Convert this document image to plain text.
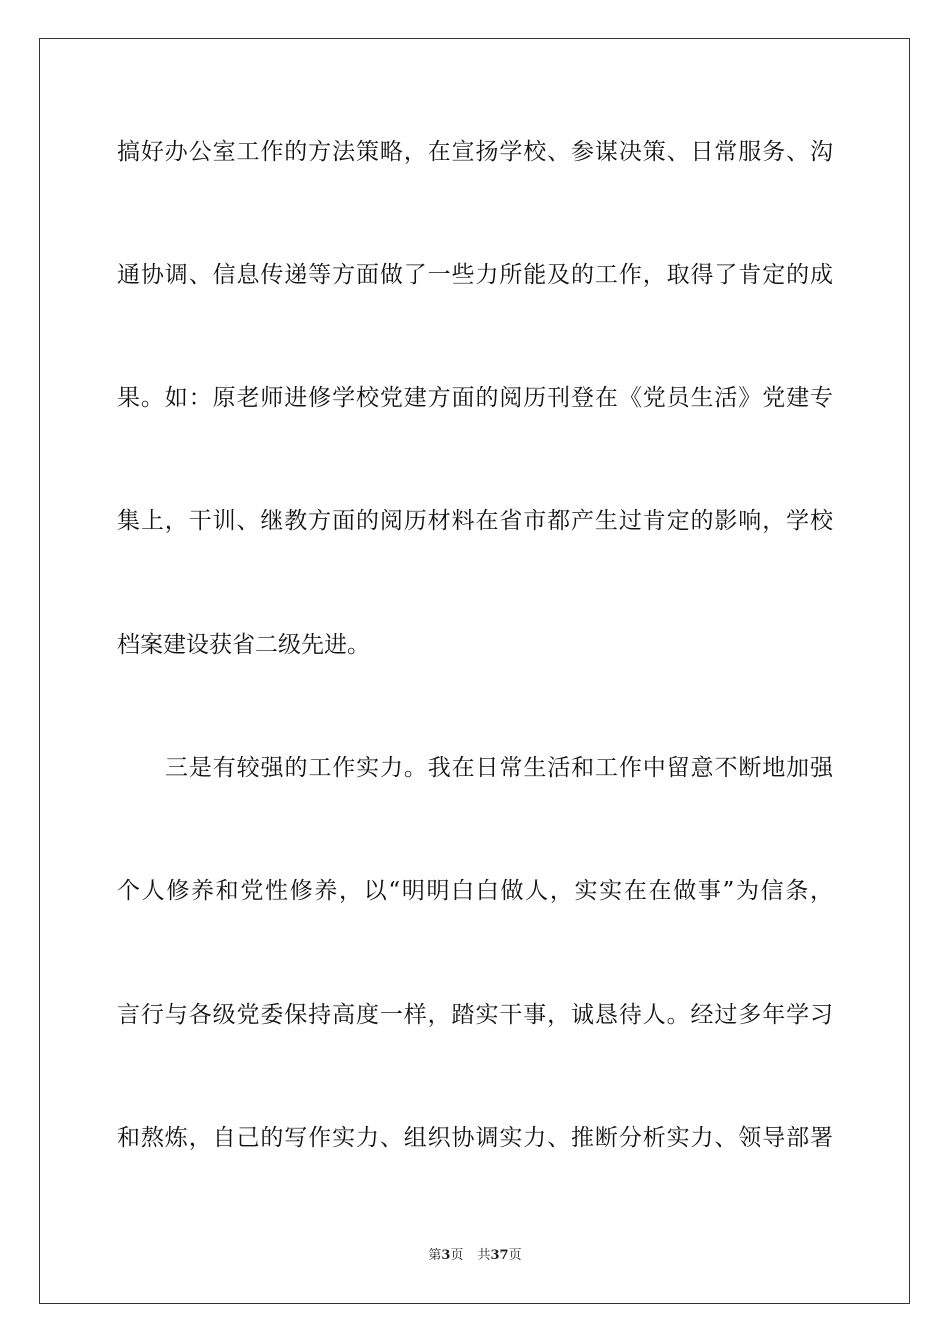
搞好办公室工作的方法策略，在宣扬学校、参谋决策、日常服务、沟
通协调、信息传递等方面做了一些力所能及的工作，取得了肯定的成
果。如：原老师进修学校党建方面的阅历刊登在《党员生活》党建专
集上，干训、继教方面的阅历材料在省市都产生过肯定的影响，学校
档案建设获省二级先进。
三是有较强的工作实力。我在日常生活和工作中留意不断地加强
个人修养和党性修养，以“明明白白做人，实实在在做事”为信条，
言行与各级党委保持高度一样，踏实干事，诚恳待人。经过多年学习
和熬炼，自己的写作实力、组织协调实力、推断分析实力、领导部署
第3页 共37页
